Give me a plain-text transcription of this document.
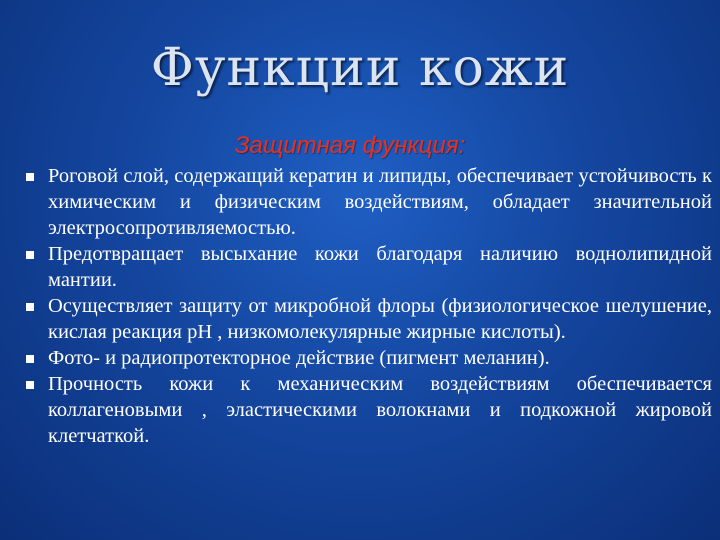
Функции кожи
Защитная функция:
Роговой слой, содержащий кератин и липиды, обеспечивает устойчивость к химическим и физическим воздействиям, обладает значительной электросопротивляемостью.
Предотвращает высыхание кожи благодаря наличию воднолипидной мантии.
Осуществляет защиту от микробной флоры (физиологическое шелушение, кислая реакция рН , низкомолекулярные жирные кислоты).
Фото- и радиопротекторное действие (пигмент меланин).
Прочность кожи к механическим воздействиям обеспечивается коллагеновыми , эластическими волокнами и подкожной жировой клетчаткой.
